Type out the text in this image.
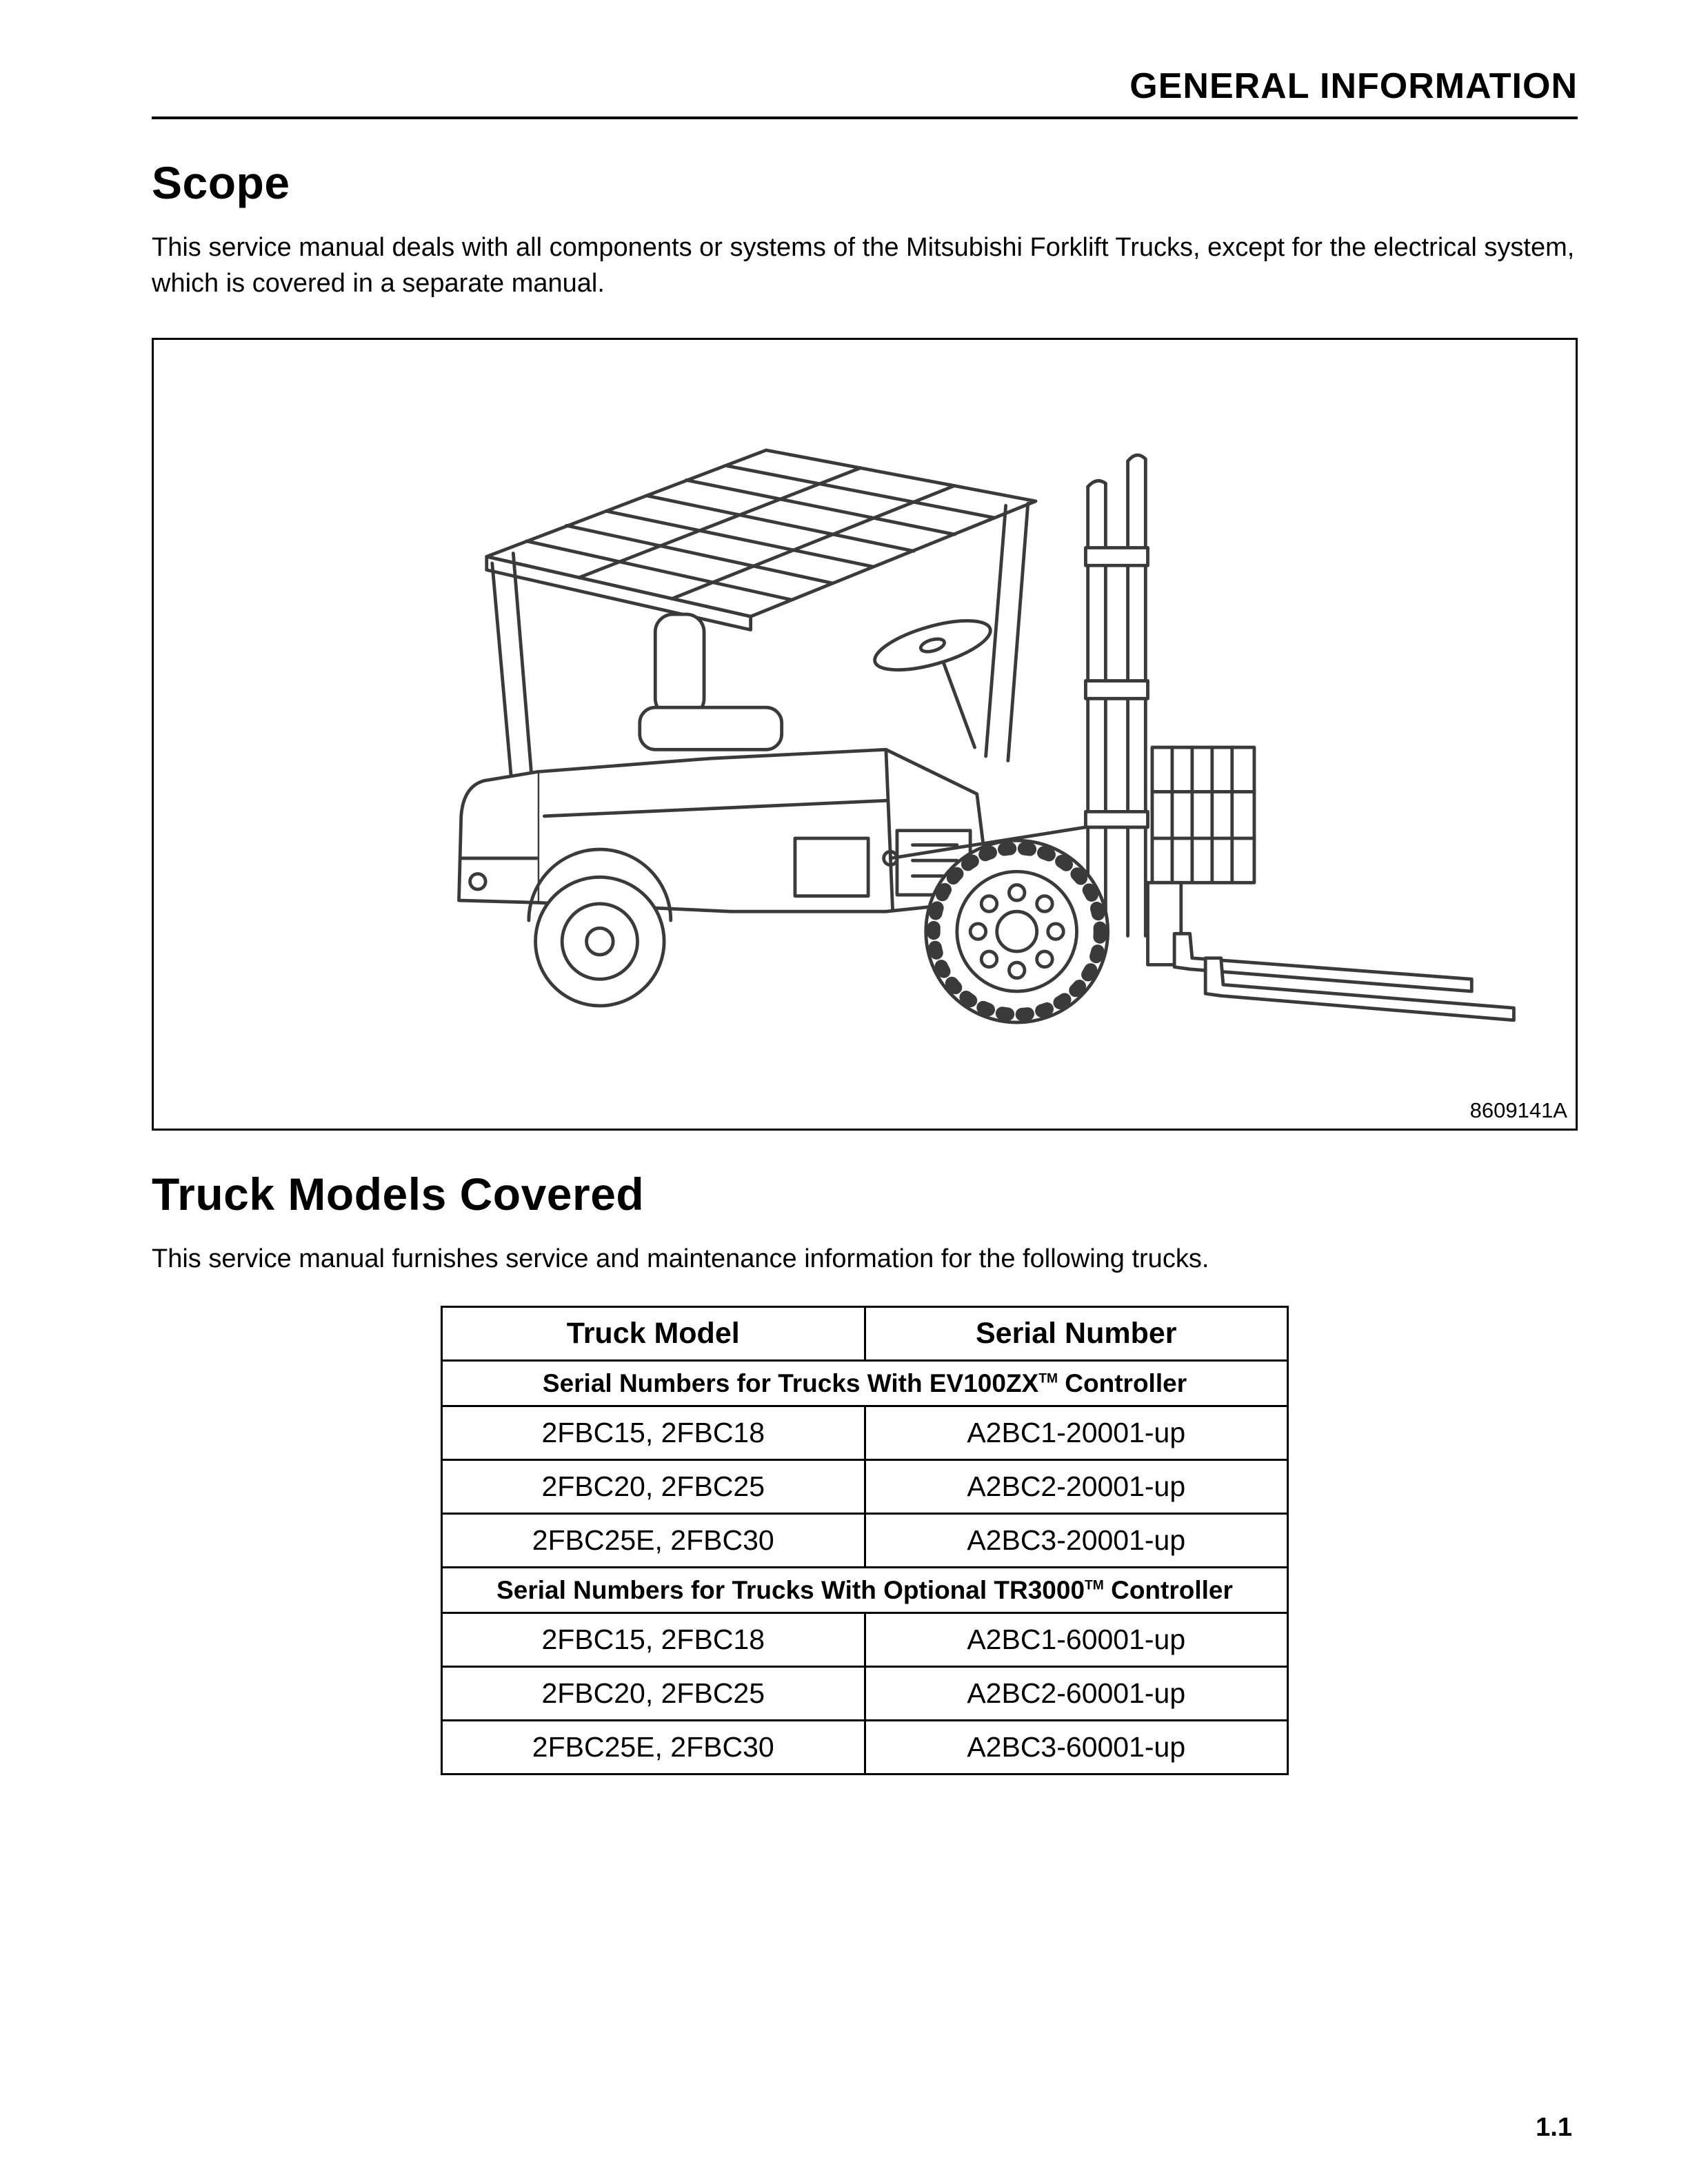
GENERAL INFORMATION
Scope

This service manual deals with all components or systems of the Mitsubishi Forklift Trucks, except for the electrical system, which is covered in a separate manual.

8609141A
Truck Models Covered

This service manual furnishes service and maintenance information for the following trucks.

Truck Model	Serial Number
Serial Numbers for Trucks With EV100ZX™ Controller	
2FBC15, 2FBC18	A2BC1-20001-up
2FBC20, 2FBC25	A2BC2-20001-up
2FBC25E, 2FBC30	A2BC3-20001-up
Serial Numbers for Trucks With Optional TR3000™ Controller	
2FBC15, 2FBC18	A2BC1-60001-up
2FBC20, 2FBC25	A2BC2-60001-up
2FBC25E, 2FBC30	A2BC3-60001-up
1.1
